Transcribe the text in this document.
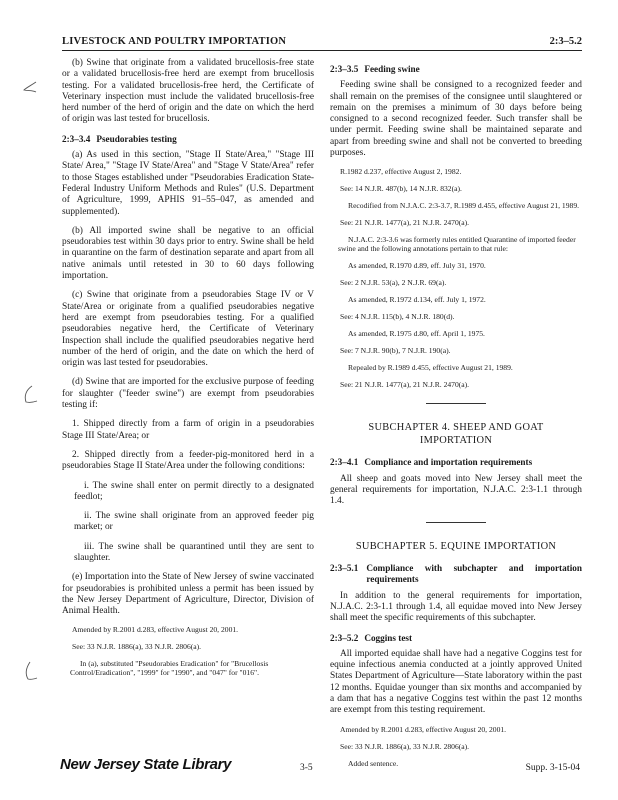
LIVESTOCK AND POULTRY IMPORTATION	2:3–5.2

(b) Swine that originate from a validated brucellosis-free state or a validated brucellosis-free herd are exempt from brucellosis testing. For a validated brucellosis-free herd, the Certificate of Veterinary inspection must include the validated brucellosis-free herd number of the herd of origin and the date on which the herd of origin was last tested for brucellosis.

2:3–3.4 Pseudorabies testing

(a) As used in this section, "Stage II State/Area," "Stage III State/ Area," "Stage IV State/Area" and "Stage V State/Area" refer to those Stages established under "Pseudorabies Eradication State-Federal Industry Uniform Methods and Rules" (U.S. Department of Agriculture, 1999, APHIS 91–55–047, as amended and supplemented).

(b) All imported swine shall be negative to an official pseudorabies test within 30 days prior to entry. Swine shall be held in quarantine on the farm of destination separate and apart from all native animals until retested in 30 to 60 days following importation.

(c) Swine that originate from a pseudorabies Stage IV or V State/Area or originate from a qualified pseudorabies negative herd are exempt from pseudorabies testing. For a qualified pseudorabies negative herd, the Certificate of Veterinary Inspection shall include the qualified pseudorabies negative herd number of the herd of origin, and the date on which the herd of origin was last tested for pseudorabies.

(d) Swine that are imported for the exclusive purpose of feeding for slaughter ("feeder swine") are exempt from pseudorabies testing if:

1. Shipped directly from a farm of origin in a pseudorabies Stage III State/Area; or

2. Shipped directly from a feeder-pig-monitored herd in a pseudorabies Stage II State/Area under the following conditions:

i. The swine shall enter on permit directly to a designated feedlot;

ii. The swine shall originate from an approved feeder pig market; or

iii. The swine shall be quarantined until they are sent to slaughter.

(e) Importation into the State of New Jersey of swine vaccinated for pseudorabies is prohibited unless a permit has been issued by the New Jersey Department of Agriculture, Director, Division of Animal Health.

Amended by R.2001 d.283, effective August 20, 2001.

See: 33 N.J.R. 1886(a), 33 N.J.R. 2806(a).

In (a), substituted "Pseudorabies Eradication" for "Brucellosis Control/Eradication", "1999" for "1990", and "047" for "016".

2:3–3.5 Feeding swine

Feeding swine shall be consigned to a recognized feeder and shall remain on the premises of the consignee until slaughtered or remain on the premises a minimum of 30 days before being consigned to a second recognized feeder. Such transfer shall be under permit. Feeding swine shall be maintained separate and apart from breeding swine and shall not be converted to breeding purposes.

R.1982 d.237, effective August 2, 1982.

See: 14 N.J.R. 487(b), 14 N.J.R. 832(a).

Recodified from N.J.A.C. 2:3-3.7, R.1989 d.455, effective August 21, 1989.

See: 21 N.J.R. 1477(a), 21 N.J.R. 2470(a).

N.J.A.C. 2:3-3.6 was formerly rules entitled Quarantine of imported feeder swine and the following annotations pertain to that rule:

As amended, R.1970 d.89, eff. July 31, 1970.

See: 2 N.J.R. 53(a), 2 N.J.R. 69(a).

As amended, R.1972 d.134, eff. July 1, 1972.

See: 4 N.J.R. 115(b), 4 N.J.R. 180(d).

As amended, R.1975 d.80, eff. April 1, 1975.

See: 7 N.J.R. 90(b), 7 N.J.R. 190(a).

Repealed by R.1989 d.455, effective August 21, 1989.

See: 21 N.J.R. 1477(a), 21 N.J.R. 2470(a).

SUBCHAPTER 4. SHEEP AND GOAT
IMPORTATION
2:3–4.1 Compliance and importation requirements

All sheep and goats moved into New Jersey shall meet the general requirements for importation, N.J.A.C. 2:3-1.1 through 1.4.

SUBCHAPTER 5. EQUINE IMPORTATION
2:3–5.1 Compliance with subchapter and importation requirements

In addition to the general requirements for importation, N.J.A.C. 2:3-1.1 through 1.4, all equidae moved into New Jersey shall meet the specific requirements of this subchapter.

2:3–5.2 Coggins test

All imported equidae shall have had a negative Coggins test for equine infectious anemia conducted at a jointly approved United States Department of Agriculture—State laboratory within the past 12 months. Equidae younger than six months and accompanied by a dam that has a negative Coggins test within the past 12 months are exempt from this testing requirement.

Amended by R.2001 d.283, effective August 20, 2001.

See: 33 N.J.R. 1886(a), 33 N.J.R. 2806(a).

Added sentence.

New Jersey State Library	3-5	Supp. 3-15-04
